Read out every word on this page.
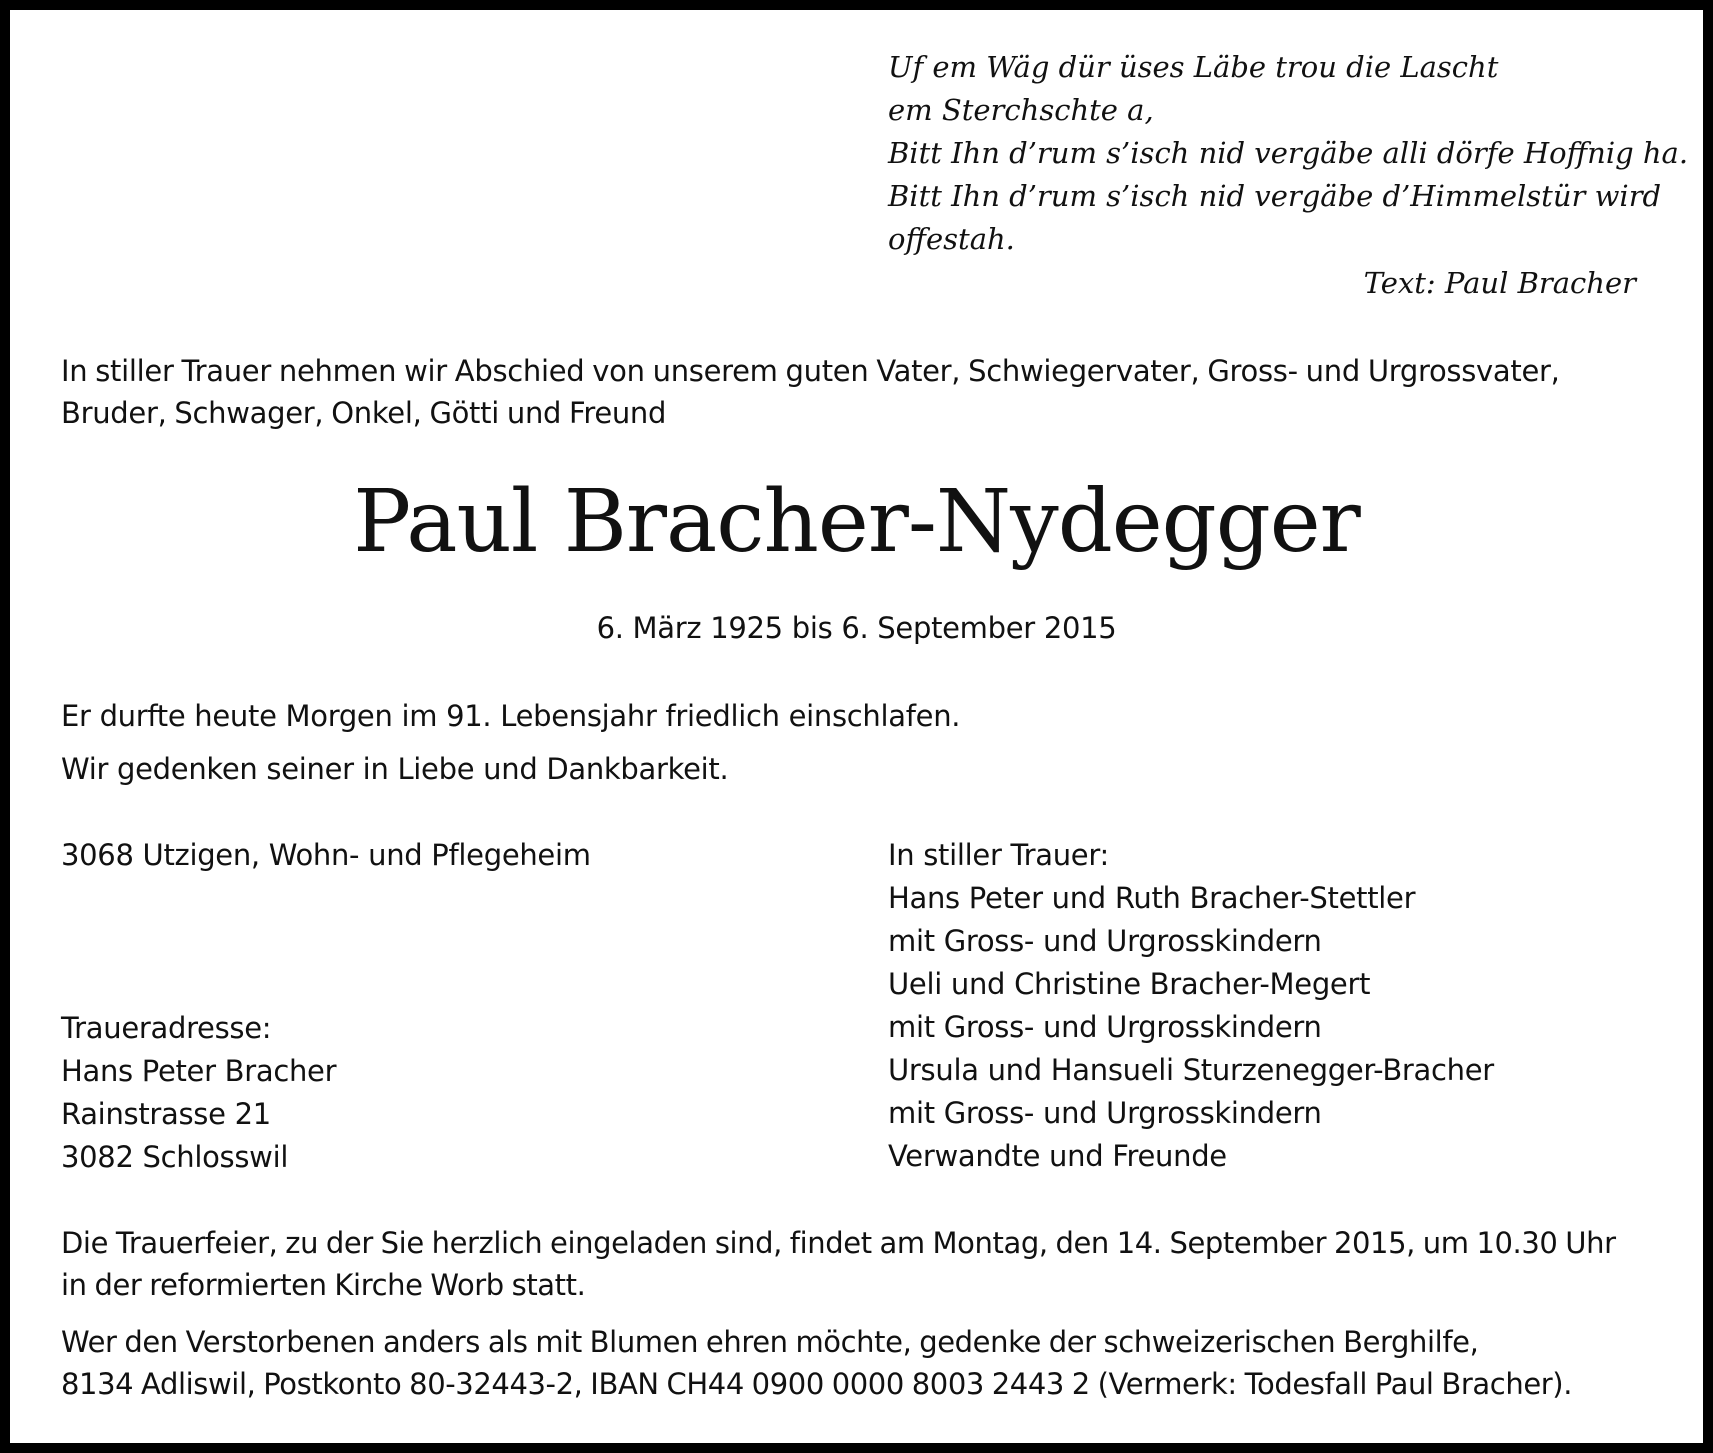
Uf em Wäg dür üses Läbe trou die Lascht
em Sterchschte a,
Bitt Ihn d’rum s’isch nid vergäbe alli dörfe Hoffnig ha.
Bitt Ihn d’rum s’isch nid vergäbe d’Himmelstür wird
offestah.
Text: Paul Bracher
In stiller Trauer nehmen wir Abschied von unserem guten Vater, Schwiegervater, Gross- und Urgrossvater,
Bruder, Schwager, Onkel, Götti und Freund
Paul Bracher-Nydegger
6. März 1925 bis 6. September 2015
Er durfte heute Morgen im 91. Lebensjahr friedlich einschlafen.
Wir gedenken seiner in Liebe und Dankbarkeit.
3068 Utzigen, Wohn- und Pflegeheim
Traueradresse:
Hans Peter Bracher
Rainstrasse 21
3082 Schlosswil
In stiller Trauer:
Hans Peter und Ruth Bracher-Stettler
mit Gross- und Urgrosskindern
Ueli und Christine Bracher-Megert
mit Gross- und Urgrosskindern
Ursula und Hansueli Sturzenegger-Bracher
mit Gross- und Urgrosskindern
Verwandte und Freunde
Die Trauerfeier, zu der Sie herzlich eingeladen sind, findet am Montag, den 14. September 2015, um 10.30 Uhr
in der reformierten Kirche Worb statt.
Wer den Verstorbenen anders als mit Blumen ehren möchte, gedenke der schweizerischen Berghilfe,
8134 Adliswil, Postkonto 80-32443-2, IBAN CH44 0900 0000 8003 2443 2 (Vermerk: Todesfall Paul Bracher).
